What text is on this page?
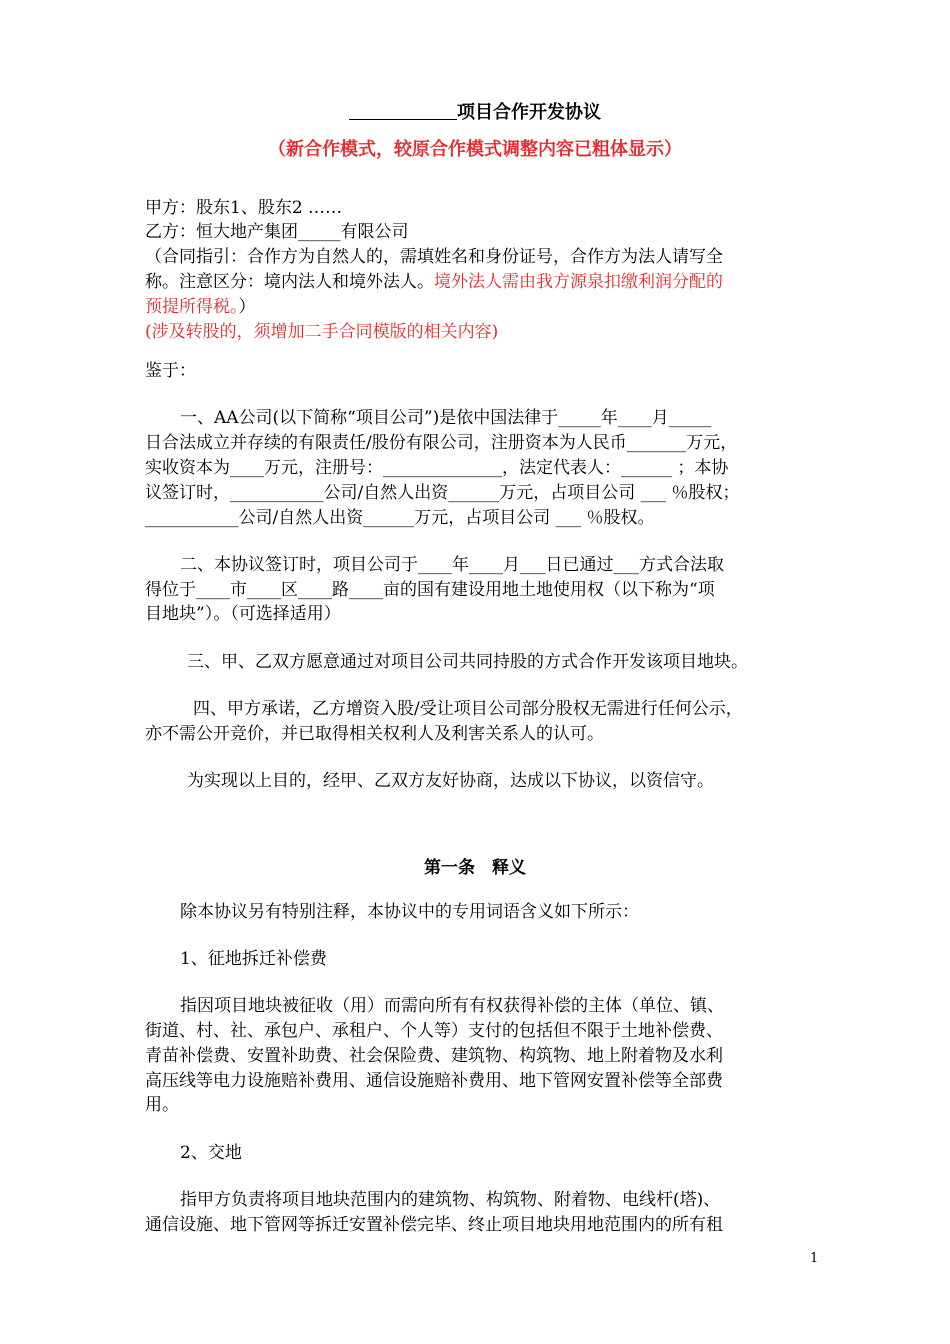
项目合作开发协议
（新合作模式，较原合作模式调整内容已粗体显示）
甲方：股东1、股东2 ……
乙方：恒大地产集团_____有限公司
（合同指引：合作方为自然人的，需填姓名和身份证号，合作方为法人请写全
称。注意区分：境内法人和境外法人。境外法人需由我方源泉扣缴利润分配的
预提所得税。）
(涉及转股的，须增加二手合同模版的相关内容)
鉴于：
一、AA公司(以下简称“项目公司”)是依中国法律于_____年____月_____
日合法成立并存续的有限责任/股份有限公司，注册资本为人民币_______万元，
实收资本为____万元，注册号：______________，法定代表人：______ ；本协
议签订时，___________公司/自然人出资______万元，占项目公司 ___ ％股权；
___________公司/自然人出资______万元，占项目公司 ___ ％股权。
二、本协议签订时，项目公司于____年____月___日已通过___方式合法取
得位于____市____区____路____亩的国有建设用地土地使用权（以下称为“项
目地块”）。（可选择适用）
三、甲、乙双方愿意通过对项目公司共同持股的方式合作开发该项目地块。
四、甲方承诺，乙方增资入股/受让项目公司部分股权无需进行任何公示，
亦不需公开竞价，并已取得相关权利人及利害关系人的认可。
为实现以上目的，经甲、乙双方友好协商，达成以下协议，以资信守。
第一条　释义
除本协议另有特别注释，本协议中的专用词语含义如下所示：
1、征地拆迁补偿费
指因项目地块被征收（用）而需向所有有权获得补偿的主体（单位、镇、
街道、村、社、承包户、承租户、个人等）支付的包括但不限于土地补偿费、
青苗补偿费、安置补助费、社会保险费、建筑物、构筑物、地上附着物及水利
高压线等电力设施赔补费用、通信设施赔补费用、地下管网安置补偿等全部费
用。
2、交地
指甲方负责将项目地块范围内的建筑物、构筑物、附着物、电线杆(塔)、
通信设施、地下管网等拆迁安置补偿完毕、终止项目地块用地范围内的所有租
1
